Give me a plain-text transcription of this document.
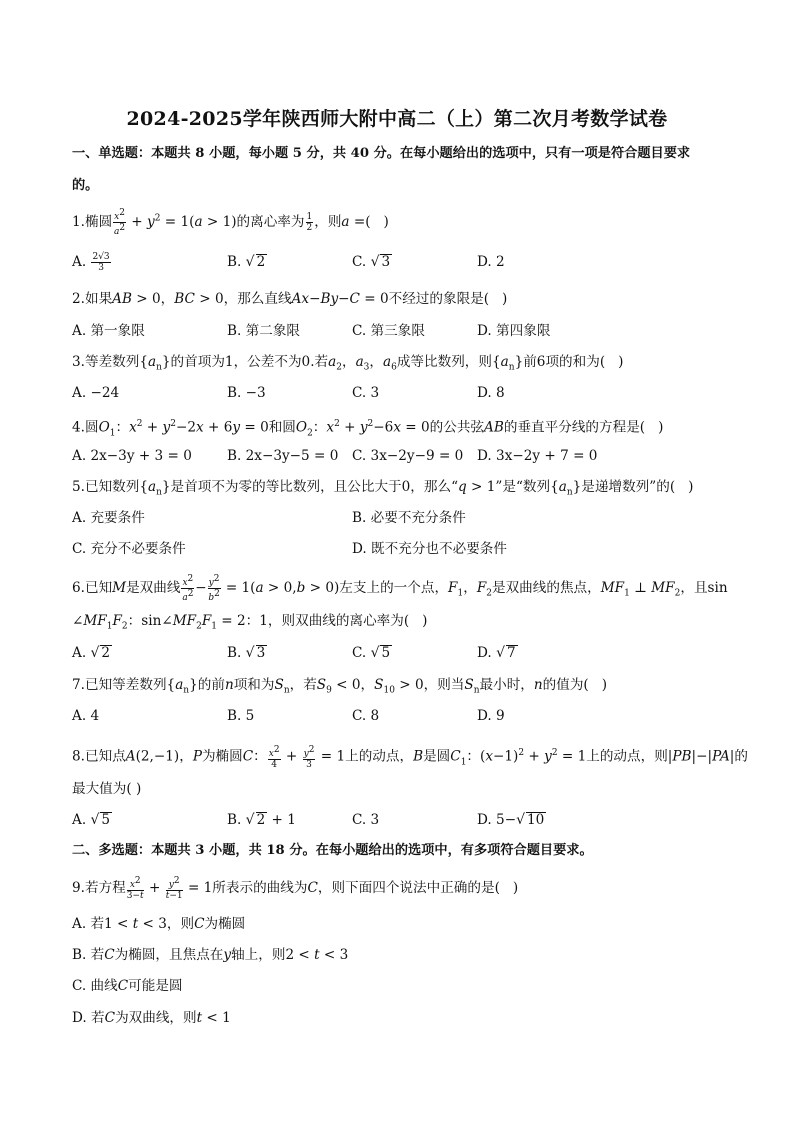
2024-2025学年陕西师大附中高二（上）第二次月考数学试卷
一、单选题：本题共 8 小题，每小题 5 分，共 40 分。在每小题给出的选项中，只有一项是符合题目要求
的。
1.椭圆 $\frac{x^2}{a^2} + y^2 = 1(a > 1)$的离心率为 $\frac{1}{2}$ ，则a =(   )
A. $\frac{2√3}{3}$	B. √ 2	C. √ 3	D. 2
2.如果AB > 0，BC > 0，那么直线Ax−By−C = 0不经过的象限是(   )
A. 第一象限	B. 第二象限	C. 第三象限	D. 第四象限
3.等差数列$\{a_n\}$的首项为1，公差不为0.若$a_2$，$a_3$，$a_6$成等比数列，则$\{a_n\}$前6项的和为(   )
A. −24	B. −3	C. 3	D. 8
4.圆$O_1$：$x^2 + y^2-2x + 6y = 0$和圆$O_2$：$x^2 + y^2-6x = 0$的公共弦AB的垂直平分线的方程是(   )
A. 2x−3y + 3 = 0	B. 2x−3y−5 = 0 C. 3x−2y−9 = 0 D. 3x−2y + 7 = 0
5.已知数列$\{a_n\}$是首项不为零的等比数列，且公比大于0，那么“q > 1”是“数列$\{a_n\}$是递增数列”的(   )
A. 充要条件	B. 必要不充分条件
C. 充分不必要条件	D. 既不充分也不必要条件
6.已知M是双曲线 $\frac{x^2}{a^2} - \frac{y^2}{b^2} = 1(a > 0,b > 0)$左支上的一个点，$F_1$，$F_2$是双曲线的焦点，$MF_1$ ⊥ $MF_2$，且sin
$\angle MF_1F_2$：$\sin\angle MF_2F_1 = 2$：1，则双曲线的离心率为(   )
A. √ 2	B. √ 3	C. √ 5	D. √ 7
7.已知等差数列$\{a_n\}$的前n项和为$S_n$，若$S_9 < 0$，$S_{10} > 0$，则当$S_n$最小时，n的值为(   )
A. 4	B. 5	C. 8	D. 9
8.已知点A(2,−1)，P为椭圆C： $\frac{x^2}{4} + \frac{y^2}{3} = 1$上的动点，B是圆$C_1$：$(x-1)^2 + y^2 = 1$上的动点，则|PB|−|PA|的
最大值为( )
A. √ 5	B. √ 2 + 1	C. 3	D. 5−√ 10
二、多选题：本题共 3 小题，共 18 分。在每小题给出的选项中，有多项符合题目要求。
9.若方程 $\frac{x^2}{3-t} + \frac{y^2}{t-1} = 1$所表示的曲线为C，则下面四个说法中正确的是(   )
A. 若1 < t < 3，则C为椭圆
B. 若C为椭圆，且焦点在y轴上，则2 < t < 3
C. 曲线C可能是圆
D. 若C为双曲线，则t < 1
